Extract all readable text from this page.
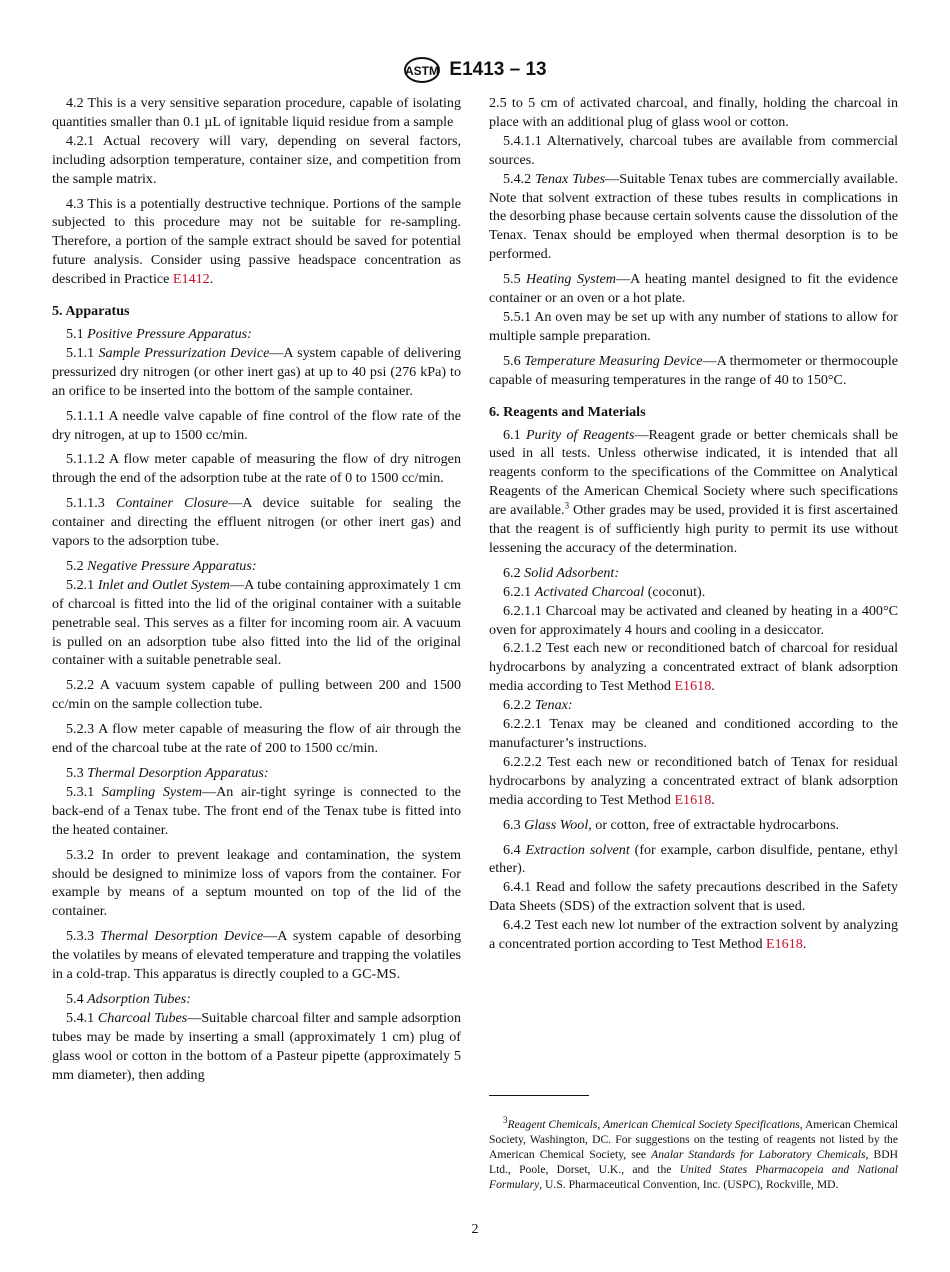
ASTM E1413 – 13

4.2 This is a very sensitive separation procedure, capable of isolating quantities smaller than 0.1 µL of ignitable liquid residue from a sample

4.2.1 Actual recovery will vary, depending on several factors, including adsorption temperature, container size, and competition from the sample matrix.

4.3 This is a potentially destructive technique. Portions of the sample subjected to this procedure may not be suitable for re-sampling. Therefore, a portion of the sample extract should be saved for potential future analysis. Consider using passive headspace concentration as described in Practice E1412.

5. Apparatus

5.1 Positive Pressure Apparatus:

5.1.1 Sample Pressurization Device—A system capable of delivering pressurized dry nitrogen (or other inert gas) at up to 40 psi (276 kPa) to an orifice to be inserted into the bottom of the sample container.

5.1.1.1 A needle valve capable of fine control of the flow rate of the dry nitrogen, at up to 1500 cc/min.

5.1.1.2 A flow meter capable of measuring the flow of dry nitrogen through the end of the adsorption tube at the rate of 0 to 1500 cc/min.

5.1.1.3 Container Closure—A device suitable for sealing the container and directing the effluent nitrogen (or other inert gas) and vapors to the adsorption tube.

5.2 Negative Pressure Apparatus:

5.2.1 Inlet and Outlet System—A tube containing approximately 1 cm of charcoal is fitted into the lid of the original container with a suitable penetrable seal. This serves as a filter for incoming room air. A vacuum is pulled on an adsorption tube also fitted into the lid of the original container with a suitable penetrable seal.

5.2.2 A vacuum system capable of pulling between 200 and 1500 cc/min on the sample collection tube.

5.2.3 A flow meter capable of measuring the flow of air through the end of the charcoal tube at the rate of 200 to 1500 cc/min.

5.3 Thermal Desorption Apparatus:

5.3.1 Sampling System—An air-tight syringe is connected to the back-end of a Tenax tube. The front end of the Tenax tube is fitted into the heated container.

5.3.2 In order to prevent leakage and contamination, the system should be designed to minimize loss of vapors from the container. For example by means of a septum mounted on top of the lid of the container.

5.3.3 Thermal Desorption Device—A system capable of desorbing the volatiles by means of elevated temperature and trapping the volatiles in a cold-trap. This apparatus is directly coupled to a GC-MS.

5.4 Adsorption Tubes:

5.4.1 Charcoal Tubes—Suitable charcoal filter and sample adsorption tubes may be made by inserting a small (approximately 1 cm) plug of glass wool or cotton in the bottom of a Pasteur pipette (approximately 5 mm diameter), then adding

2.5 to 5 cm of activated charcoal, and finally, holding the charcoal in place with an additional plug of glass wool or cotton.

5.4.1.1 Alternatively, charcoal tubes are available from commercial sources.

5.4.2 Tenax Tubes—Suitable Tenax tubes are commercially available. Note that solvent extraction of these tubes results in complications in the desorbing phase because certain solvents cause the dissolution of the Tenax. Tenax should be employed when thermal desorption is to be performed.

5.5 Heating System—A heating mantel designed to fit the evidence container or an oven or a hot plate.

5.5.1 An oven may be set up with any number of stations to allow for multiple sample preparation.

5.6 Temperature Measuring Device—A thermometer or thermocouple capable of measuring temperatures in the range of 40 to 150°C.

6. Reagents and Materials

6.1 Purity of Reagents—Reagent grade or better chemicals shall be used in all tests. Unless otherwise indicated, it is intended that all reagents conform to the specifications of the Committee on Analytical Reagents of the American Chemical Society where such specifications are available.$^3$ Other grades may be used, provided it is first ascertained that the reagent is of sufficiently high purity to permit its use without lessening the accuracy of the determination.

6.2 Solid Adsorbent:

6.2.1 Activated Charcoal (coconut).

6.2.1.1 Charcoal may be activated and cleaned by heating in a 400°C oven for approximately 4 hours and cooling in a desiccator.

6.2.1.2 Test each new or reconditioned batch of charcoal for residual hydrocarbons by analyzing a concentrated extract of blank adsorption media according to Test Method E1618.

6.2.2 Tenax:

6.2.2.1 Tenax may be cleaned and conditioned according to the manufacturer’s instructions.

6.2.2.2 Test each new or reconditioned batch of Tenax for residual hydrocarbons by analyzing a concentrated extract of blank adsorption media according to Test Method E1618.

6.3 Glass Wool, or cotton, free of extractable hydrocarbons.

6.4 Extraction solvent (for example, carbon disulfide, pentane, ethyl ether).

6.4.1 Read and follow the safety precautions described in the Safety Data Sheets (SDS) of the extraction solvent that is used.

6.4.2 Test each new lot number of the extraction solvent by analyzing a concentrated portion according to Test Method E1618.

$^3$Reagent Chemicals, American Chemical Society Specifications, American Chemical Society, Washington, DC. For suggestions on the testing of reagents not listed by the American Chemical Society, see Analar Standards for Laboratory Chemicals, BDH Ltd., Poole, Dorset, U.K., and the United States Pharmacopeia and National Formulary, U.S. Pharmaceutical Convention, Inc. (USPC), Rockville, MD.

2
